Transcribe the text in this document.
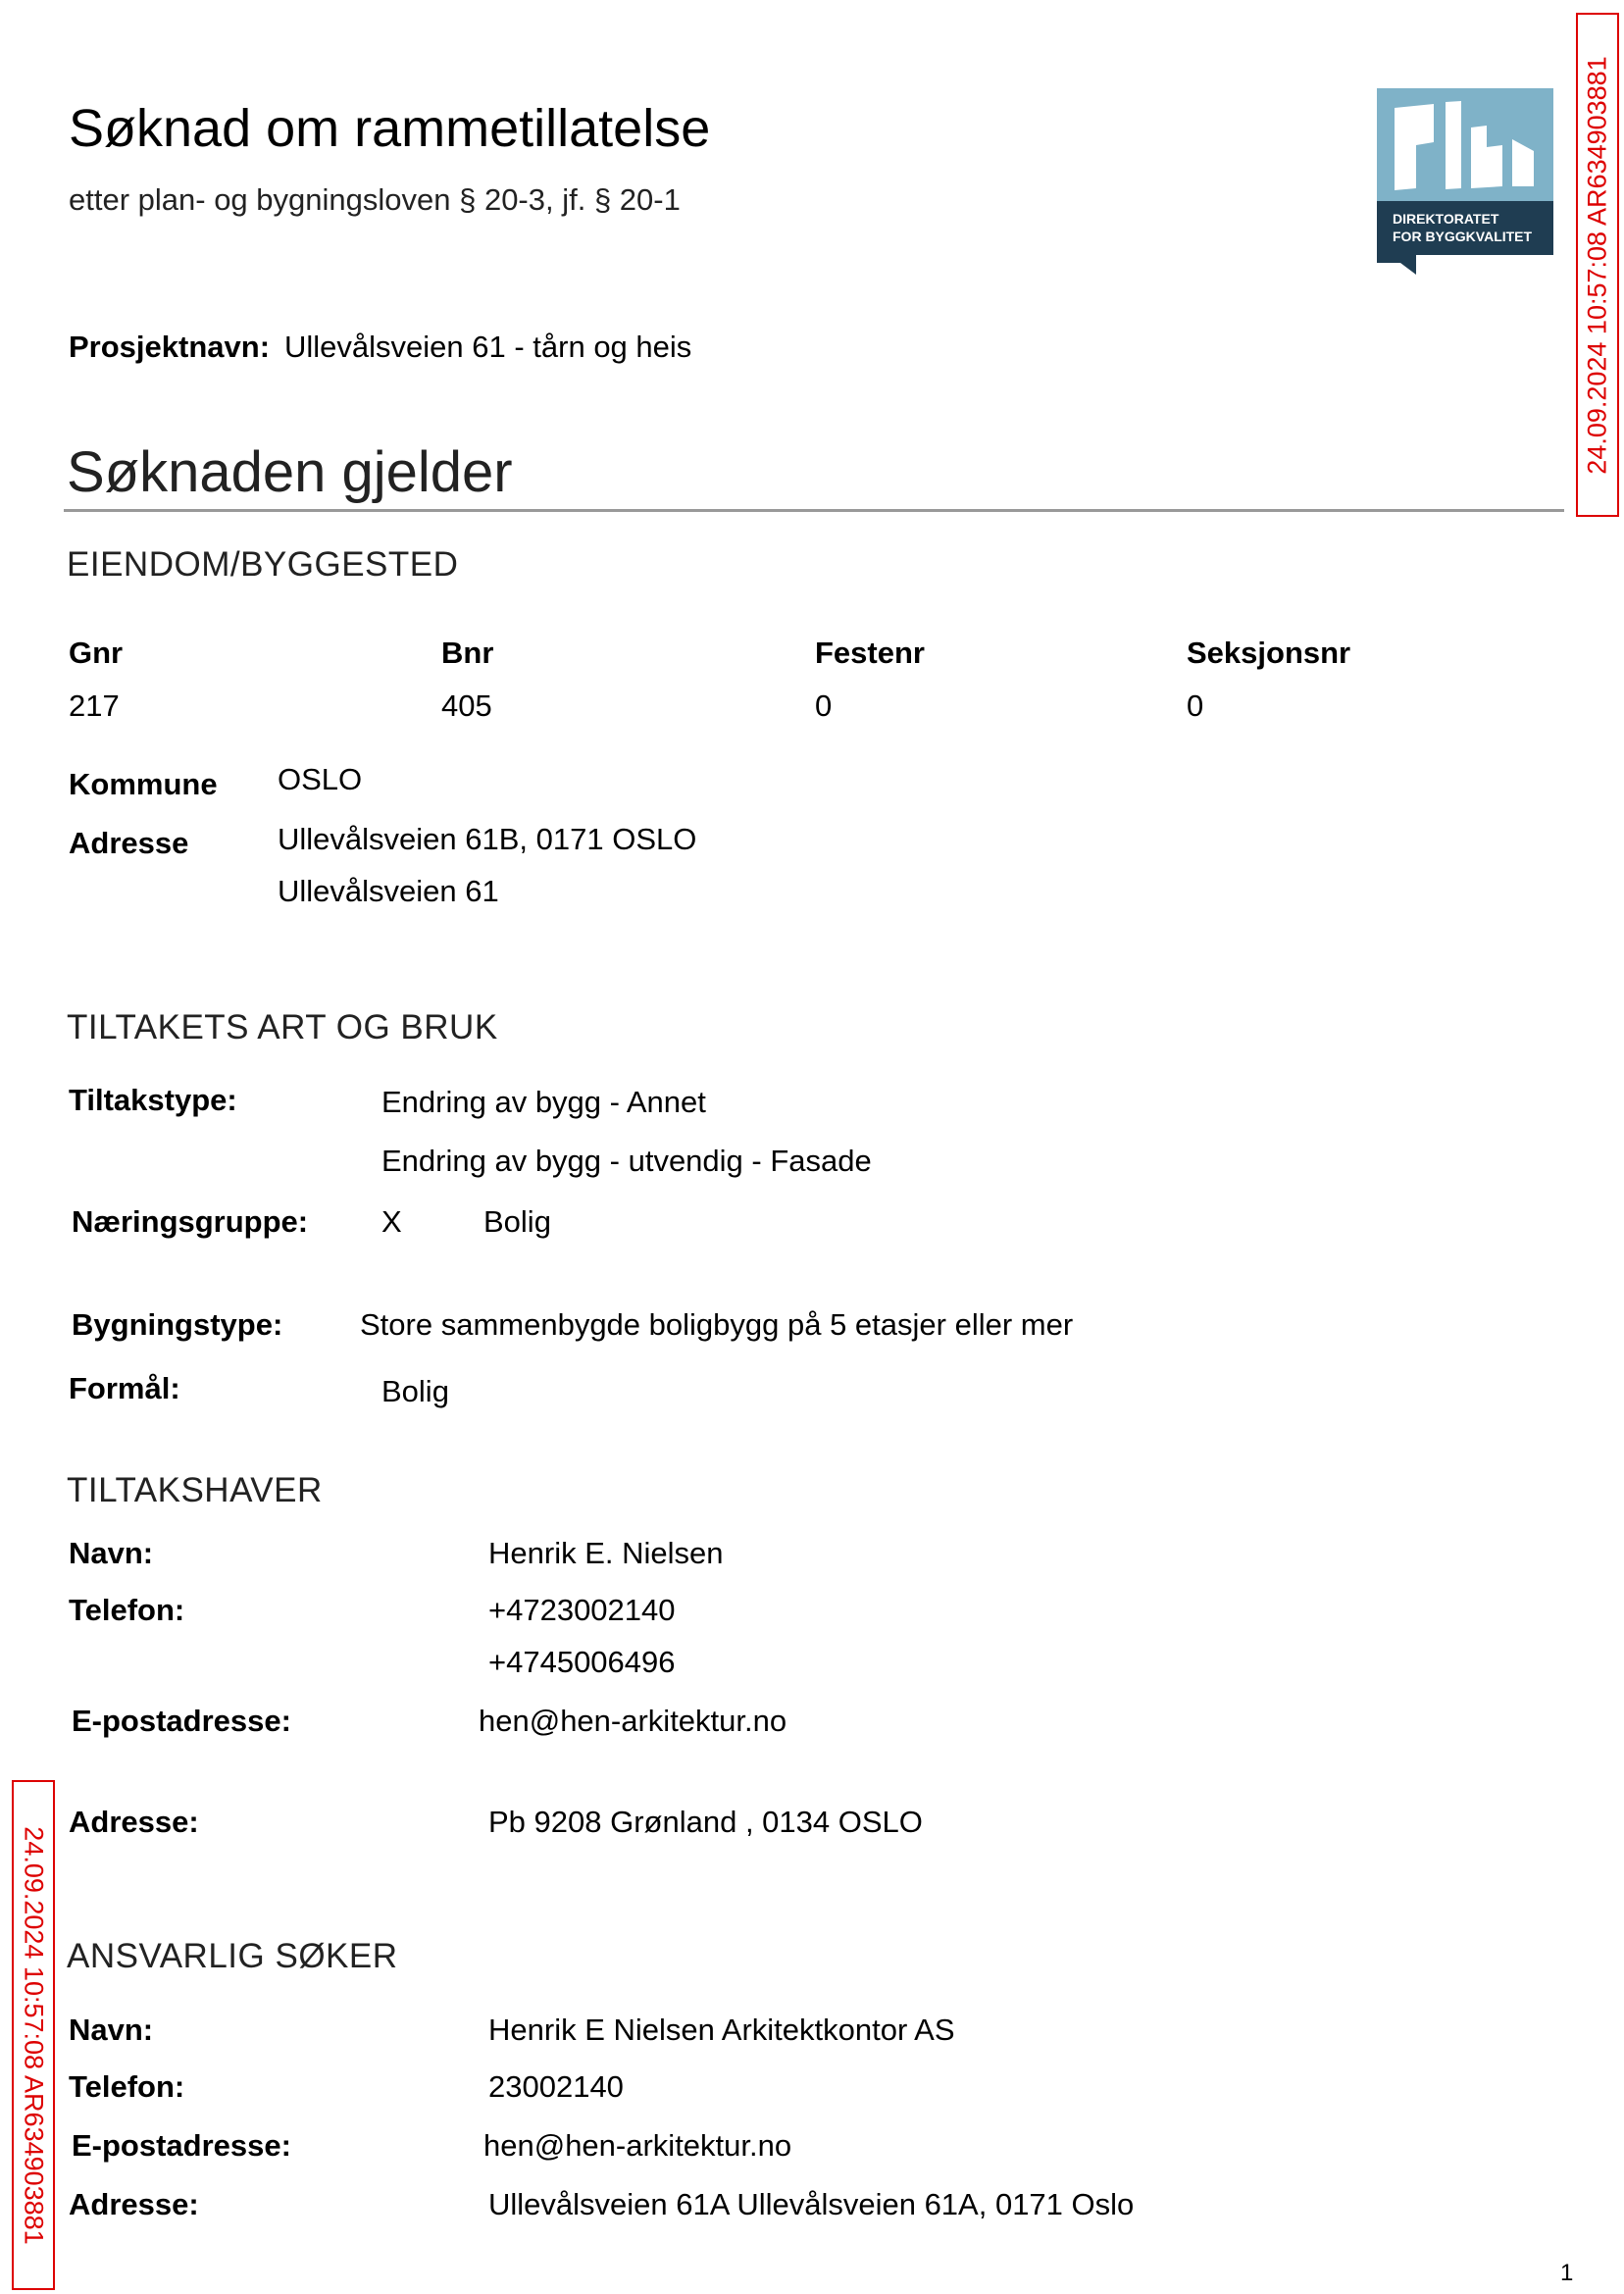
Søknad om rammetillatelse
etter plan- og bygningsloven § 20-3, jf. § 20-1
DIREKTORATET
FOR BYGGKVALITET 24.09.2024 10:57:08 AR634903881
24.09.2024 10:57:08 AR634903881
Prosjektnavn: Ullevålsveien 61 - tårn og heis
Søknaden gjelder
EIENDOM/BYGGESTED
Gnr	Bnr	Festenr	Seksjonsnr
217	405	0	0
Kommune OSLO
Adresse	Ullevålsveien 61B, 0171 OSLO
Ullevålsveien 61
TILTAKETS ART OG BRUK
Tiltakstype:	Endring av bygg - Annet
Endring av bygg - utvendig - Fasade
Næringsgruppe: X	Bolig
Bygningstype:	Store sammenbygde boligbygg på 5 etasjer eller mer
Formål:	Bolig
TILTAKSHAVER
Navn:	Henrik E. Nielsen
Telefon:	+4723002140
+4745006496
E-postadresse:	hen@hen-arkitektur.no
Adresse:	Pb 9208 Grønland , 0134 OSLO
ANSVARLIG SØKER
Navn:	Henrik E Nielsen Arkitektkontor AS
Telefon:	23002140
E-postadresse:	hen@hen-arkitektur.no
Adresse:	Ullevålsveien 61A Ullevålsveien 61A, 0171 Oslo
1
